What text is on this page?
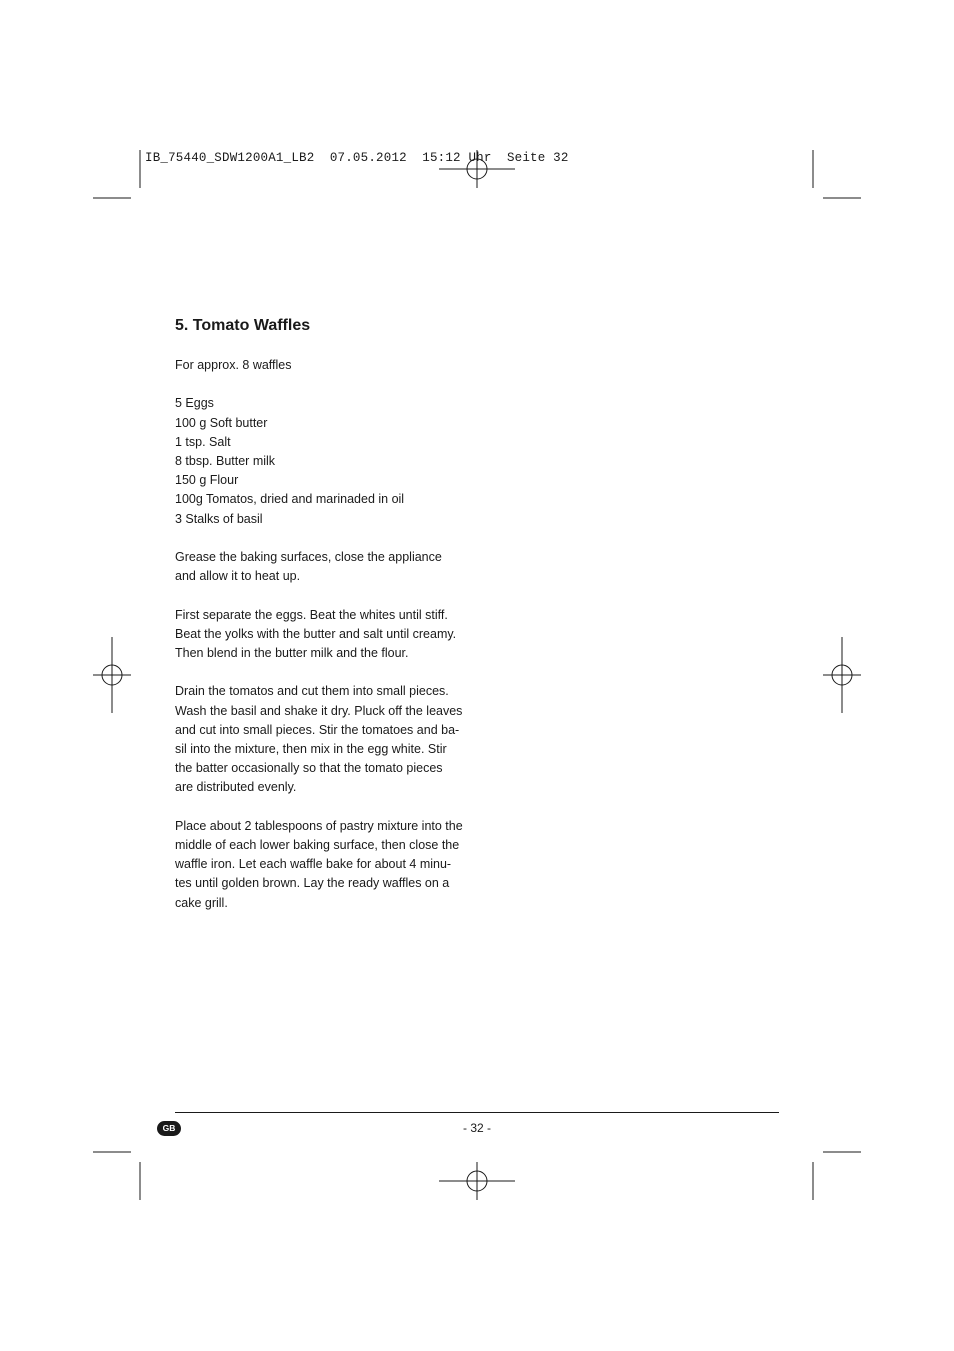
IB_75440_SDW1200A1_LB2  07.05.2012  15:12 Uhr  Seite 32
5. Tomato Waffles

For approx. 8 waffles

5 Eggs
100 g Soft butter
1 tsp. Salt
8 tbsp. Butter milk
150 g Flour
100g Tomatos, dried and marinaded in oil
3 Stalks of basil

Grease the baking surfaces, close the appliance
and allow it to heat up.

First separate the eggs. Beat the whites until stiff.
Beat the yolks with the butter and salt until creamy.
Then blend in the butter milk and the flour.

Drain the tomatos and cut them into small pieces.
Wash the basil and shake it dry. Pluck off the leaves
and cut into small pieces. Stir the tomatoes and ba-
sil into the mixture, then mix in the egg white. Stir
the batter occasionally so that the tomato pieces
are distributed evenly.

Place about 2 tablespoons of pastry mixture into the
middle of each lower baking surface, then close the
waffle iron. Let each waffle bake for about 4 minu-
tes until golden brown. Lay the ready waffles on a
cake grill.

GB	- 32 -
